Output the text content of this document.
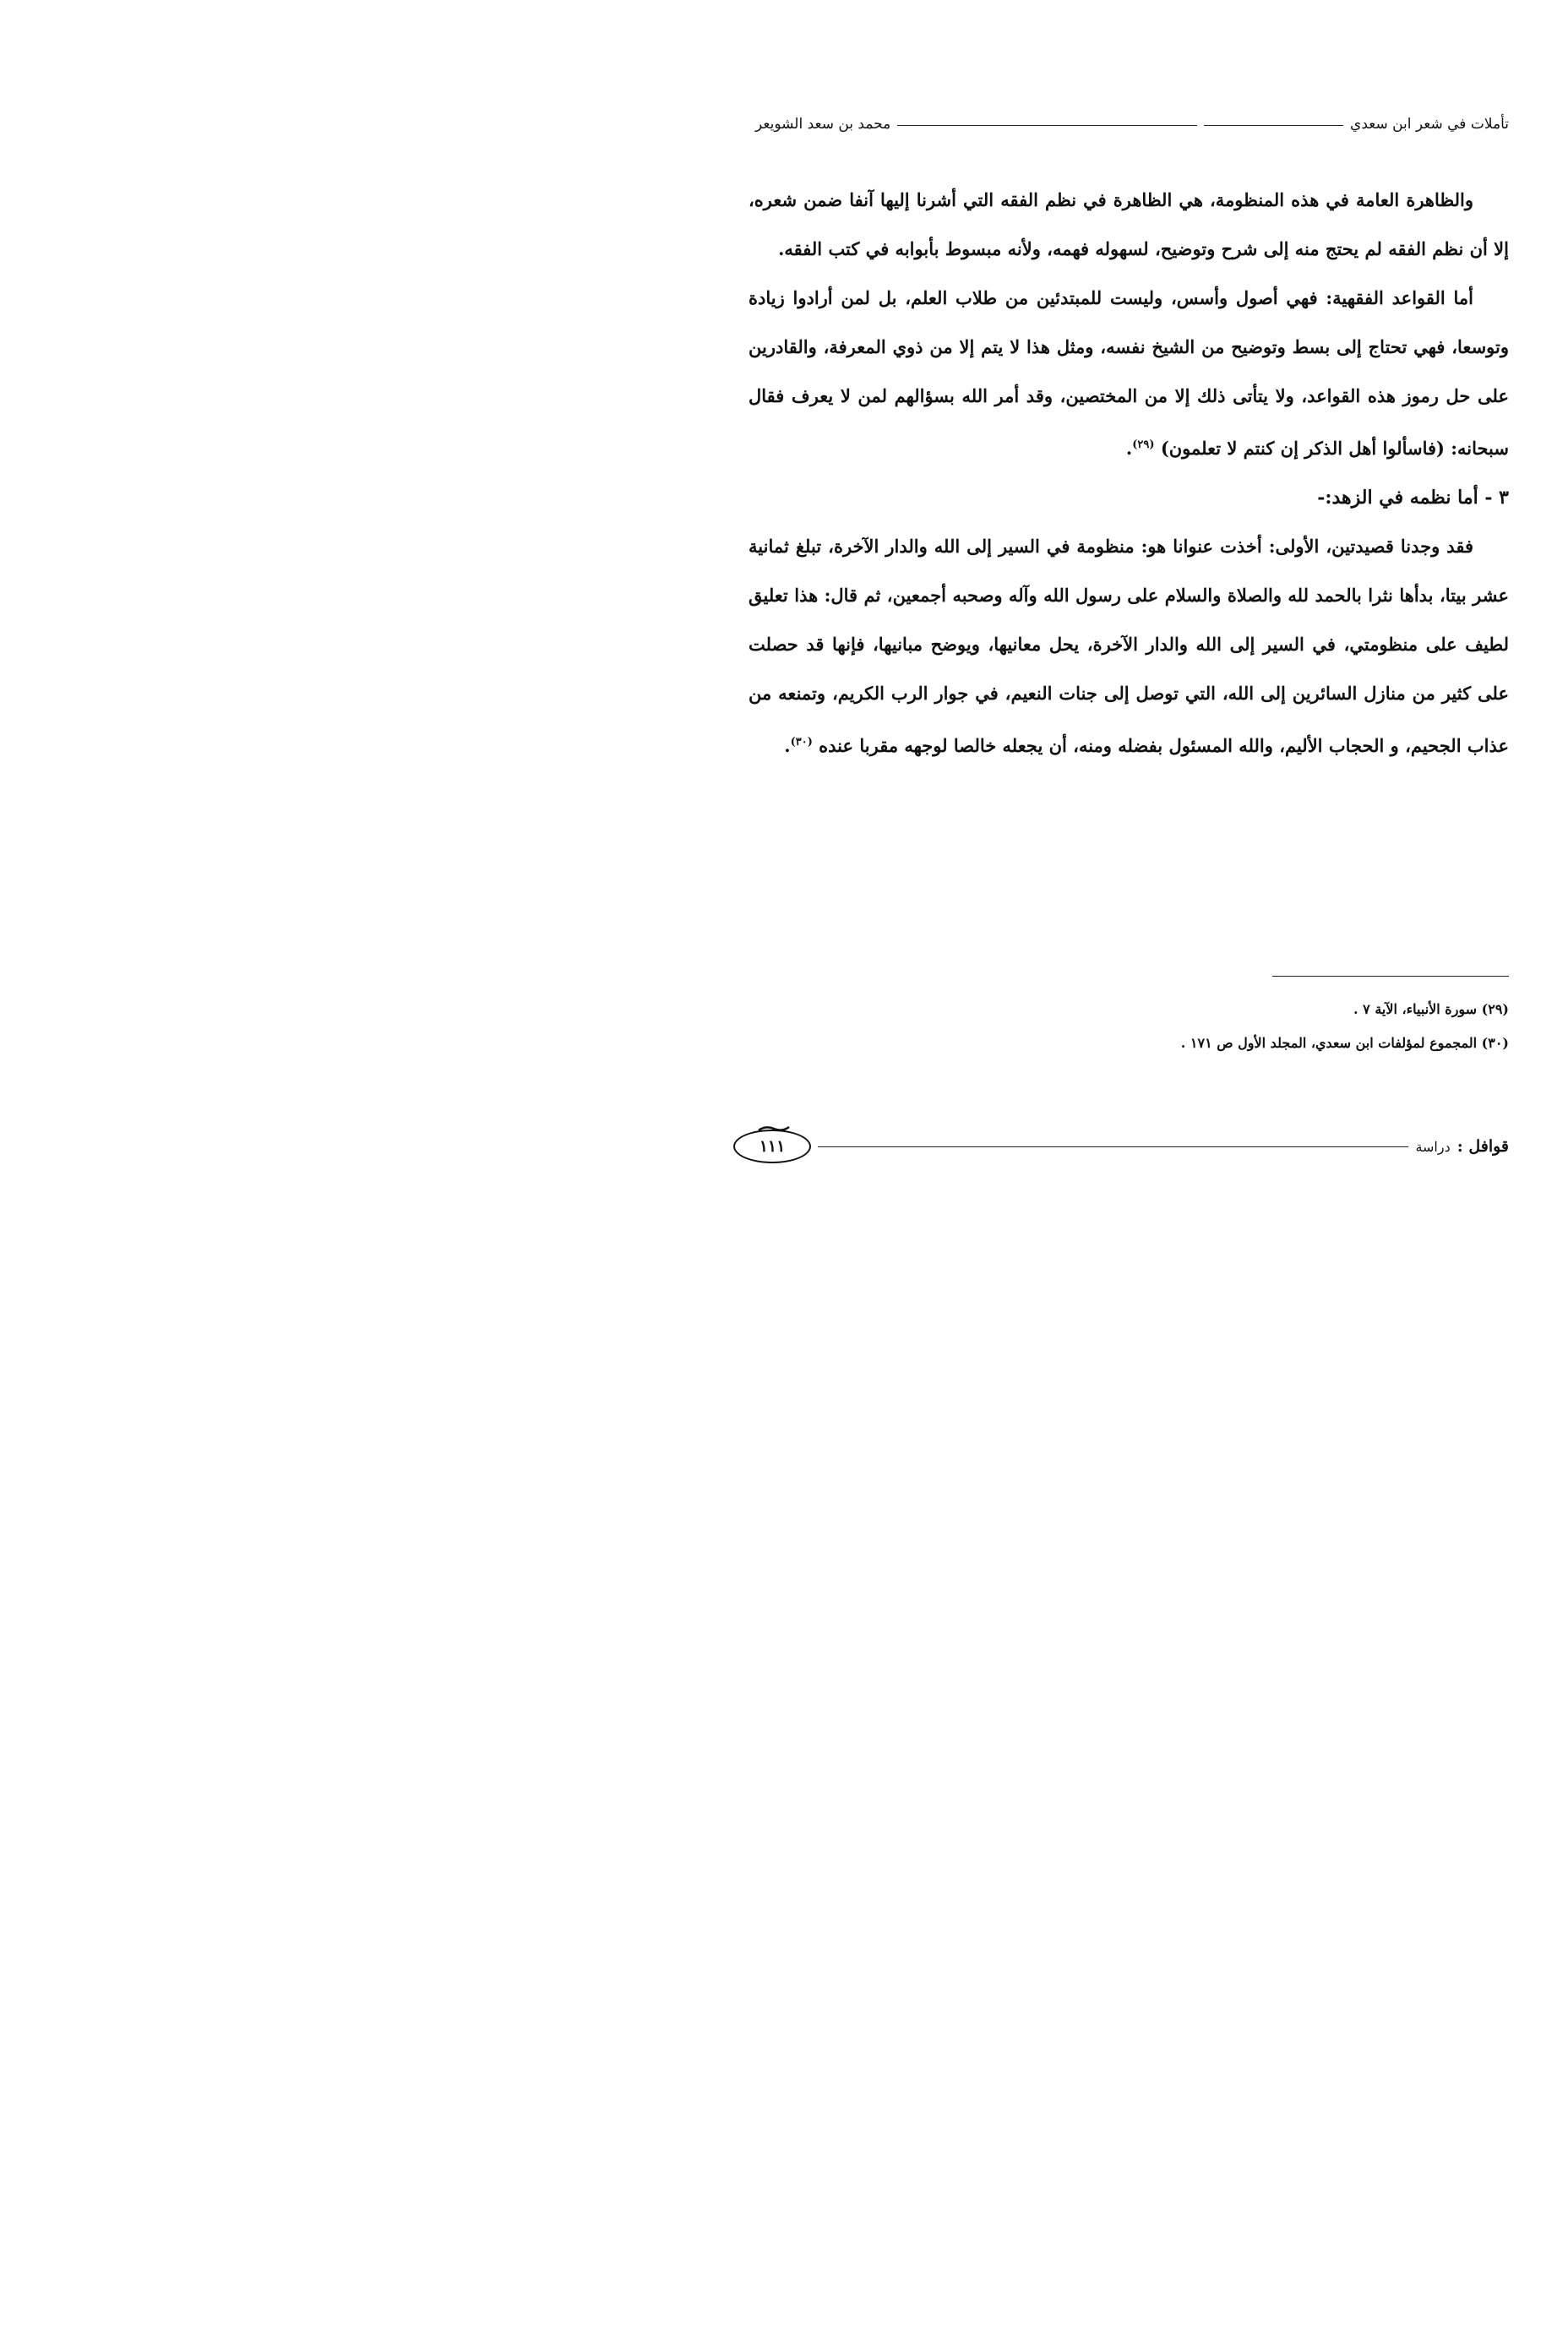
تأملات في شعر ابن سعدي
محمد بن سعد الشويعر

والظاهرة العامة في هذه المنظومة، هي الظاهرة في نظم الفقه التي أشرنا إليها آنفا ضمن شعره، إلا أن نظم الفقه لم يحتج منه إلى شرح وتوضيح، لسهوله فهمه، ولأنه مبسوط بأبوابه في كتب الفقه.

أما القواعد الفقهية: فهي أصول وأسس، وليست للمبتدئين من طلاب العلم، بل لمن أرادوا زيادة وتوسعا، فهي تحتاج إلى بسط وتوضيح من الشيخ نفسه، ومثل هذا لا يتم إلا من ذوي المعرفة، والقادرين على حل رموز هذه القواعد، ولا يتأتى ذلك إلا من المختصين، وقد أمر الله بسؤالهم لمن لا يعرف فقال سبحانه: (فاسألوا أهل الذكر إن كنتم لا تعلمون) $^{(٢٩)}$.

٣ - أما نظمه في الزهد:-

فقد وجدنا قصيدتين، الأولى: أخذت عنوانا هو: منظومة في السير إلى الله والدار الآخرة، تبلغ ثمانية عشر بيتا، بدأها نثرا بالحمد لله والصلاة والسلام على رسول الله وآله وصحبه أجمعين، ثم قال: هذا تعليق لطيف على منظومتي، في السير إلى الله والدار الآخرة، يحل معانيها، ويوضح مبانيها، فإنها قد حصلت على كثير من منازل السائرين إلى الله، التي توصل إلى جنات النعيم، في جوار الرب الكريم، وتمنعه من عذاب الجحيم، و الحجاب الأليم، والله المسئول بفضله ومنه، أن يجعله خالصا لوجهه مقربا عنده $^{(٣٠)}$.

(٢٩) سورة الأنبياء، الآية ٧ .
(٣٠) المجموع لمؤلفات ابن سعدي، المجلد الأول ص ١٧١ .
قوافل :
دراسة
١١١
